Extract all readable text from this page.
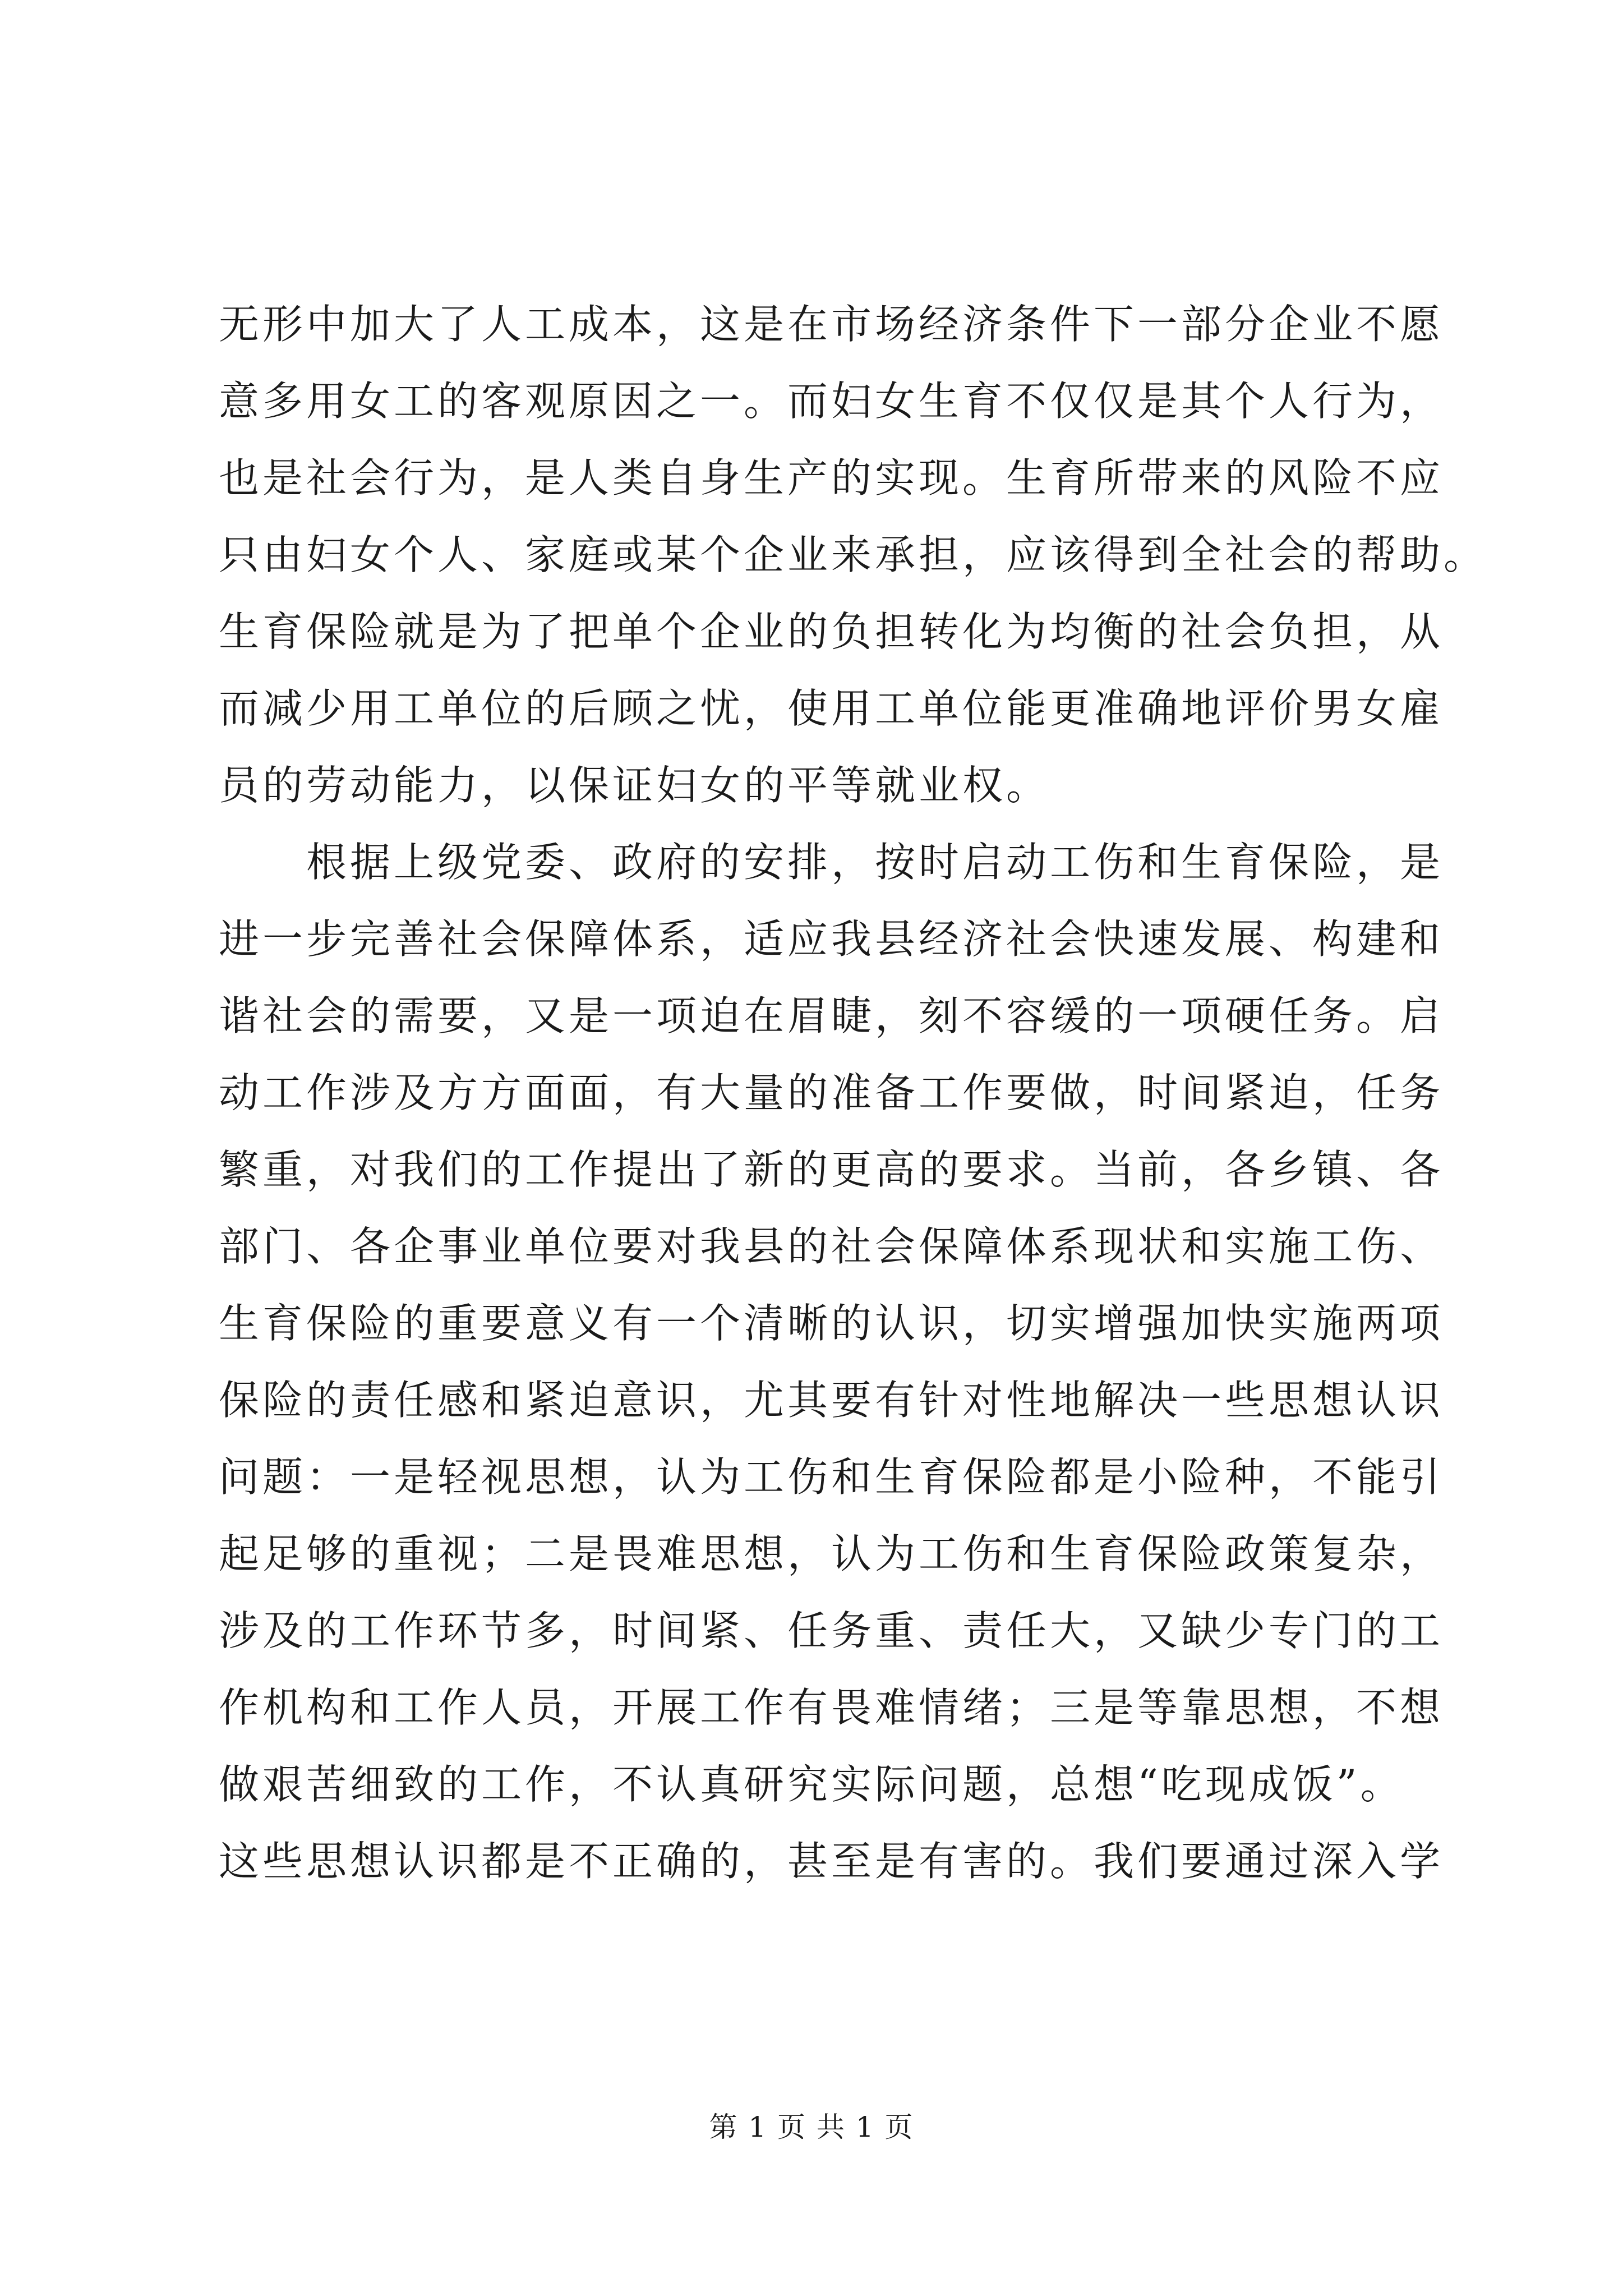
无形中加大了人工成本，这是在市场经济条件下一部分企业不愿
意多用女工的客观原因之一。而妇女生育不仅仅是其个人行为，
也是社会行为，是人类自身生产的实现。生育所带来的风险不应
只由妇女个人、家庭或某个企业来承担，应该得到全社会的帮助。
生育保险就是为了把单个企业的负担转化为均衡的社会负担，从
而减少用工单位的后顾之忧，使用工单位能更准确地评价男女雇
员的劳动能力，以保证妇女的平等就业权。
　　根据上级党委、政府的安排，按时启动工伤和生育保险，是
进一步完善社会保障体系，适应我县经济社会快速发展、构建和
谐社会的需要，又是一项迫在眉睫，刻不容缓的一项硬任务。启
动工作涉及方方面面，有大量的准备工作要做，时间紧迫，任务
繁重，对我们的工作提出了新的更高的要求。当前，各乡镇、各
部门、各企事业单位要对我县的社会保障体系现状和实施工伤、
生育保险的重要意义有一个清晰的认识，切实增强加快实施两项
保险的责任感和紧迫意识，尤其要有针对性地解决一些思想认识
问题：一是轻视思想，认为工伤和生育保险都是小险种，不能引
起足够的重视；二是畏难思想，认为工伤和生育保险政策复杂，
涉及的工作环节多，时间紧、任务重、责任大，又缺少专门的工
作机构和工作人员，开展工作有畏难情绪；三是等靠思想，不想
做艰苦细致的工作，不认真研究实际问题，总想“吃现成饭”。
这些思想认识都是不正确的，甚至是有害的。我们要通过深入学
第 1 页 共 1 页
